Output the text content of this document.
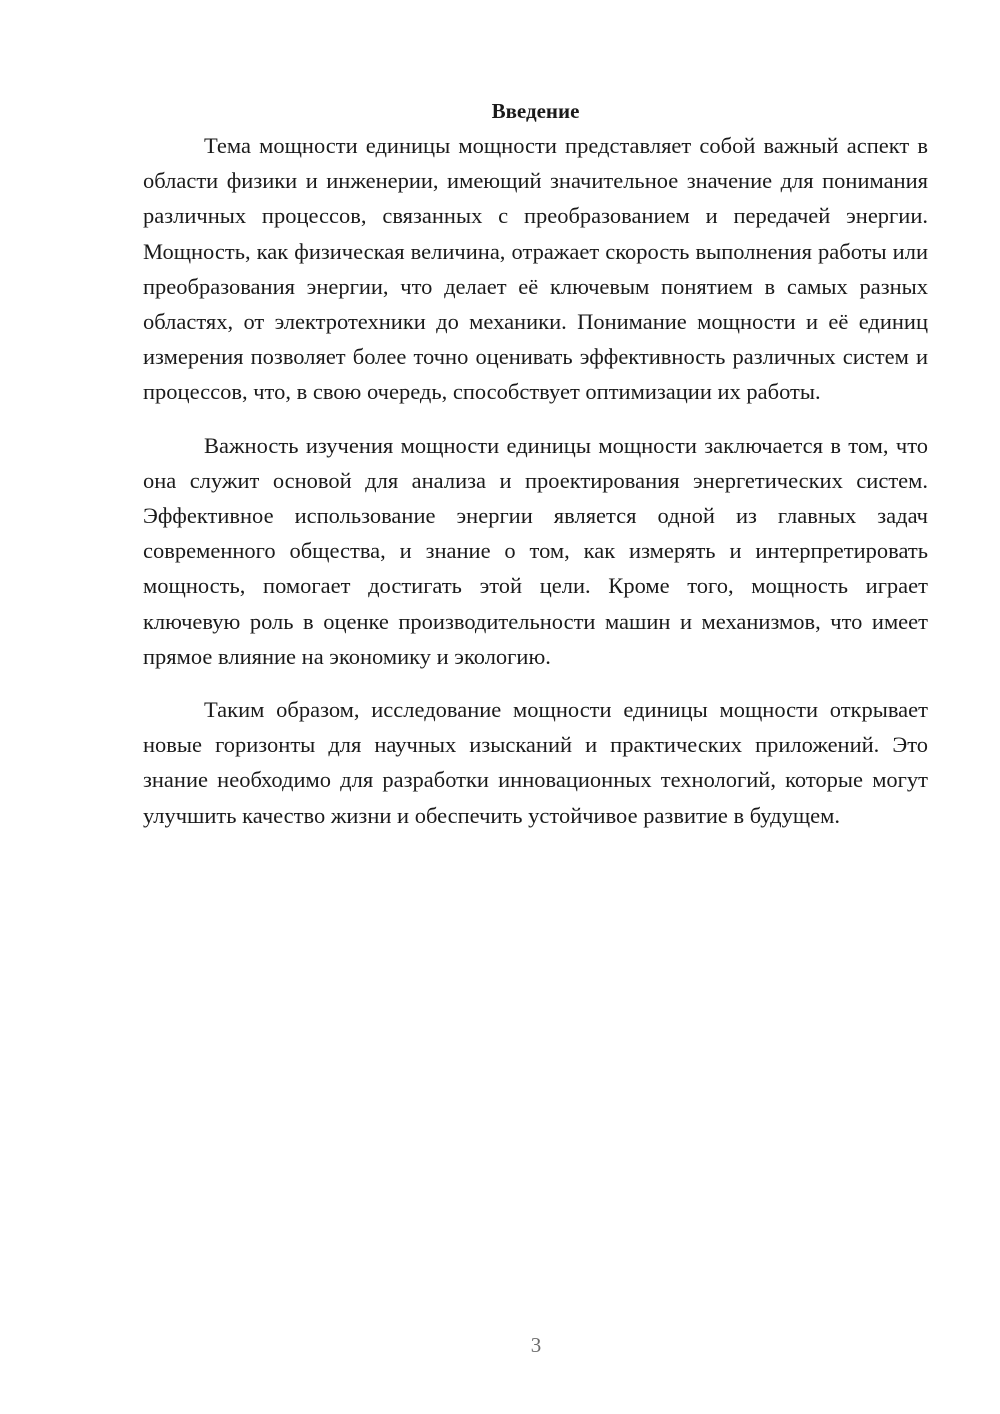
Введение

Тема мощности единицы мощности представляет собой важный аспект в области физики и инженерии, имеющий значительное значение для понимания различных процессов, связанных с преобразованием и передачей энергии. Мощность, как физическая величина, отражает скорость выполнения работы или преобразования энергии, что делает её ключевым понятием в самых разных областях, от электротехники до механики. Понимание мощности и её единиц измерения позволяет более точно оценивать эффективность различных систем и процессов, что, в свою очередь, способствует оптимизации их работы.

Важность изучения мощности единицы мощности заключается в том, что она служит основой для анализа и проектирования энергетических систем. Эффективное использование энергии является одной из главных задач современного общества, и знание о том, как измерять и интерпретировать мощность, помогает достигать этой цели. Кроме того, мощность играет ключевую роль в оценке производительности машин и механизмов, что имеет прямое влияние на экономику и экологию.

Таким образом, исследование мощности единицы мощности открывает новые горизонты для научных изысканий и практических приложений. Это знание необходимо для разработки инновационных технологий, которые могут улучшить качество жизни и обеспечить устойчивое развитие в будущем.

3
